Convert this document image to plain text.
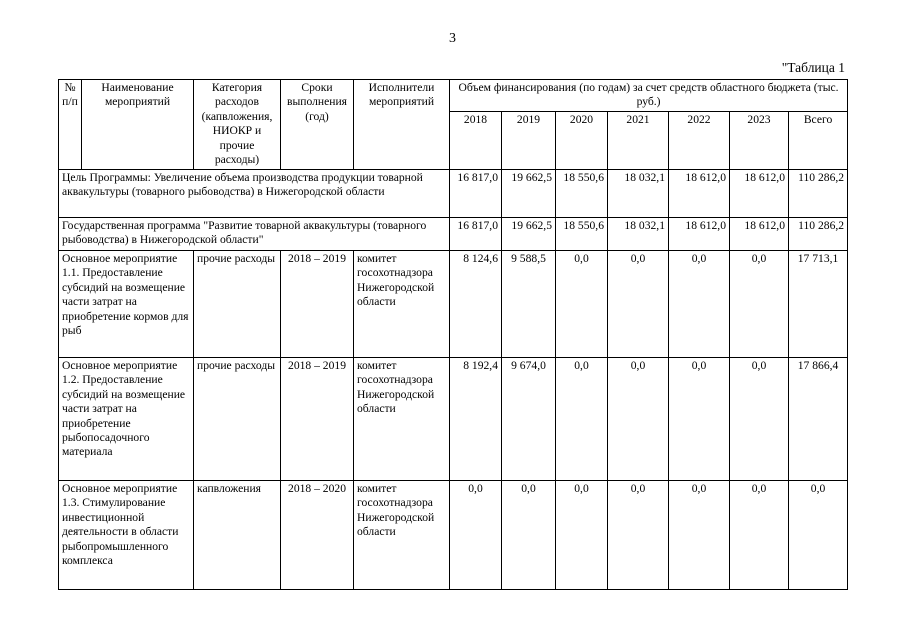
3
"Таблица 1
№ п/п	Наименование мероприятий	Категория расходов (капвложения, НИОКР и прочие расходы)	Сроки выполнения (год)	Исполнители мероприятий	Объем финансирования (по годам) за счет средств областного бюджета (тыс. руб.)						
					2018	2019	2020	2021	2022	2023	Всего
Цель Программы: Увеличение объема производства продукции товарной аквакультуры (товарного рыбоводства) в Нижегородской области					16 817,0	19 662,5	18 550,6	18 032,1	18 612,0	18 612,0	110 286,2
Государственная программа "Развитие товарной аквакультуры (товарного рыбоводства) в Нижегородской области"					16 817,0	19 662,5	18 550,6	18 032,1	18 612,0	18 612,0	110 286,2
Основное мероприятие 1.1. Предоставление субсидий на возмещение части затрат на приобретение кормов для рыб		прочие расходы	2018 – 2019	комитет госохотнадзора Нижегородской области	8 124,6	9 588,5	0,0	0,0	0,0	0,0	17 713,1
Основное мероприятие 1.2. Предоставление субсидий на возмещение части затрат на приобретение рыбопосадочного материала		прочие расходы	2018 – 2019	комитет госохотнадзора Нижегородской области	8 192,4	9 674,0	0,0	0,0	0,0	0,0	17 866,4
Основное мероприятие 1.3. Стимулирование инвестиционной деятельности в области рыбопромышленного комплекса		капвложения	2018 – 2020	комитет госохотнадзора Нижегородской области	0,0	0,0	0,0	0,0	0,0	0,0	0,0
